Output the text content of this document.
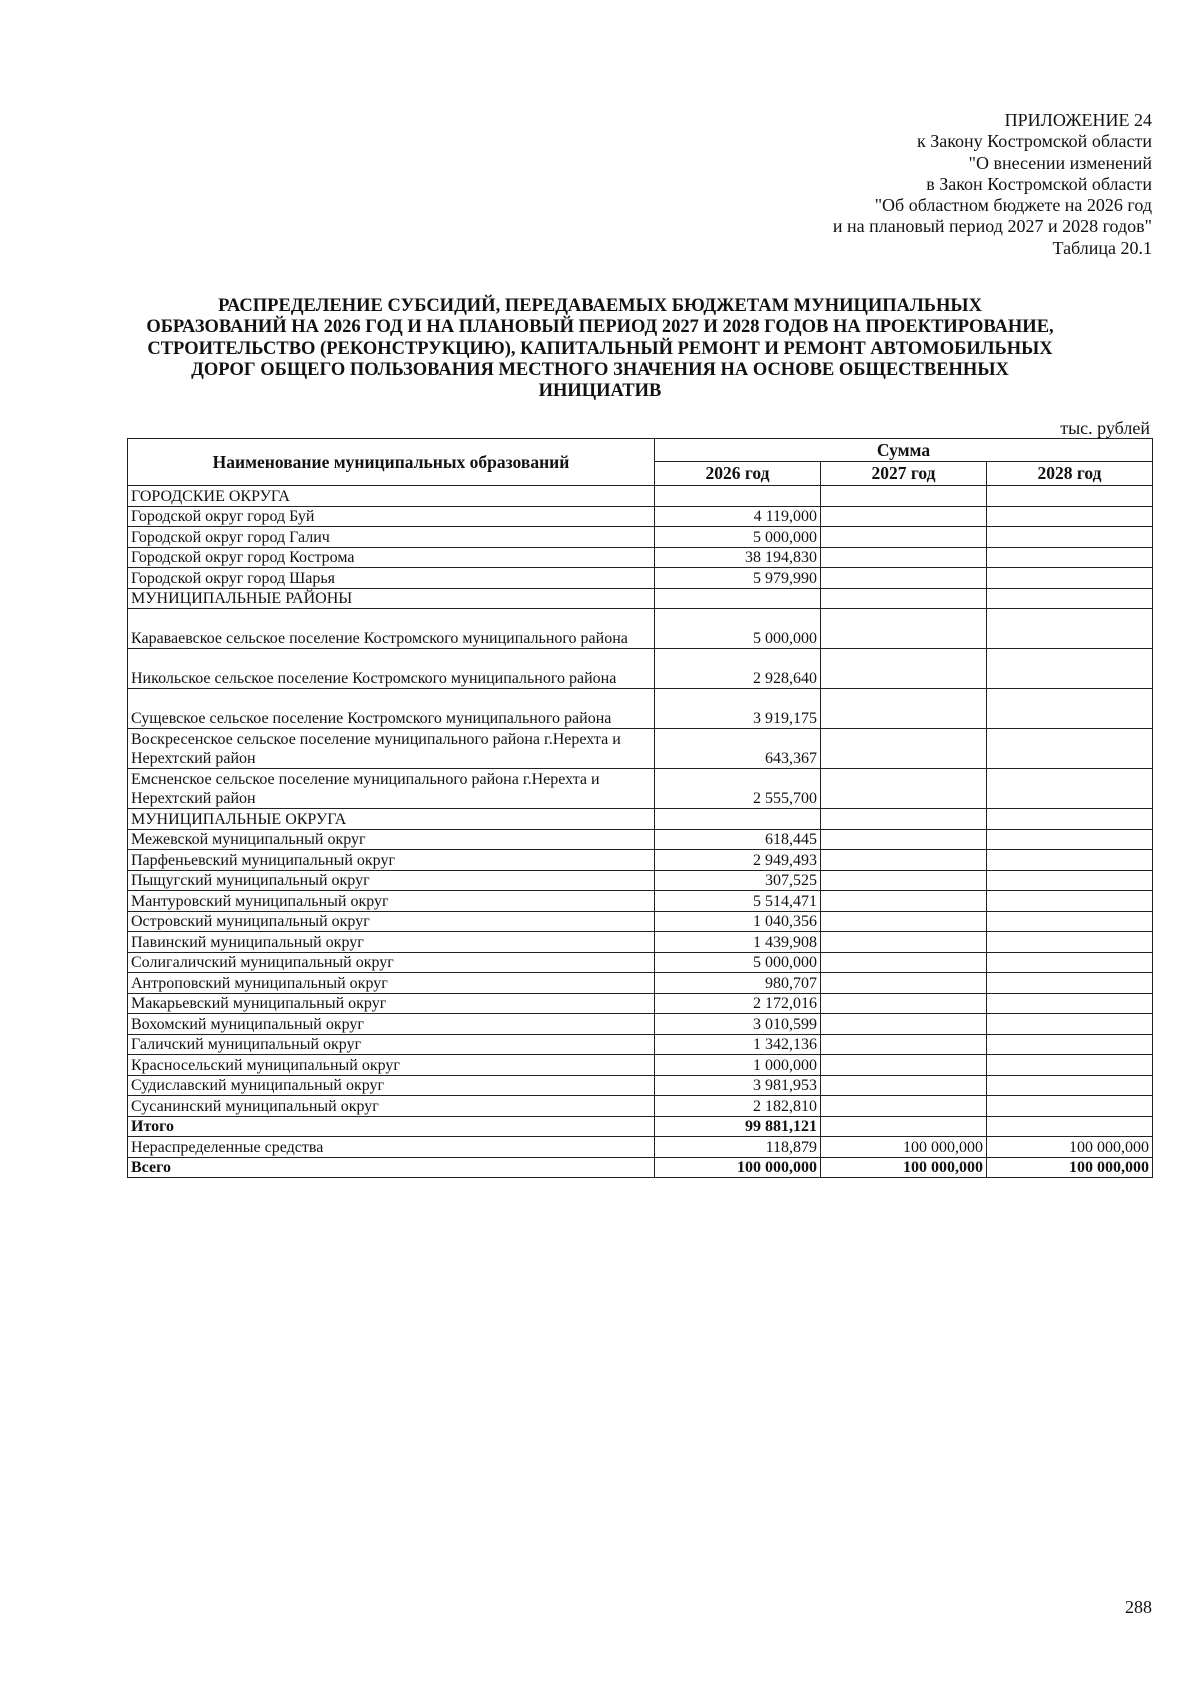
ПРИЛОЖЕНИЕ 24
к Закону Костромской области
"О внесении изменений
в Закон Костромской области
"Об областном бюджете на 2026 год
и на плановый период 2027 и 2028 годов"
Таблица 20.1
РАСПРЕДЕЛЕНИЕ СУБСИДИЙ, ПЕРЕДАВАЕМЫХ БЮДЖЕТАМ МУНИЦИПАЛЬНЫХ
ОБРАЗОВАНИЙ НА 2026 ГОД И НА ПЛАНОВЫЙ ПЕРИОД 2027 И 2028 ГОДОВ НА ПРОЕКТИРОВАНИЕ,
СТРОИТЕЛЬСТВО (РЕКОНСТРУКЦИЮ), КАПИТАЛЬНЫЙ РЕМОНТ И РЕМОНТ АВТОМОБИЛЬНЫХ
ДОРОГ ОБЩЕГО ПОЛЬЗОВАНИЯ МЕСТНОГО ЗНАЧЕНИЯ НА ОСНОВЕ ОБЩЕСТВЕННЫХ
ИНИЦИАТИВ
тыс. рублей
Наименование муниципальных образований	Сумма		
	2026 год	2027 год	2028 год
ГОРОДСКИЕ ОКРУГА			
Городской округ город Буй	4 119,000		
Городской округ город Галич	5 000,000		
Городской округ город Кострома	38 194,830		
Городской округ город Шарья	5 979,990		
МУНИЦИПАЛЬНЫЕ РАЙОНЫ			
Караваевское сельское поселение Костромского муниципального района	5 000,000		
Никольское сельское поселение Костромского муниципального района	2 928,640		
Сущевское сельское поселение Костромского муниципального района	3 919,175		
Воскресенское сельское поселение муниципального района г.Нерехта и Нерехтский район	643,367		
Емсненское сельское поселение муниципального района г.Нерехта и Нерехтский район	2 555,700		
МУНИЦИПАЛЬНЫЕ ОКРУГА			
Межевской муниципальный округ	618,445		
Парфеньевский муниципальный округ	2 949,493		
Пыщугский муниципальный округ	307,525		
Мантуровский муниципальный округ	5 514,471		
Островский муниципальный округ	1 040,356		
Павинский муниципальный округ	1 439,908		
Солигаличский муниципальный округ	5 000,000		
Антроповский муниципальный округ	980,707		
Макарьевский муниципальный округ	2 172,016		
Вохомский муниципальный округ	3 010,599		
Галичский муниципальный округ	1 342,136		
Красносельский муниципальный округ	1 000,000		
Судиславский муниципальный округ	3 981,953		
Сусанинский муниципальный округ	2 182,810		
Итого	99 881,121		
Нераспределенные средства	118,879	100 000,000	100 000,000
Всего	100 000,000	100 000,000	100 000,000
288
